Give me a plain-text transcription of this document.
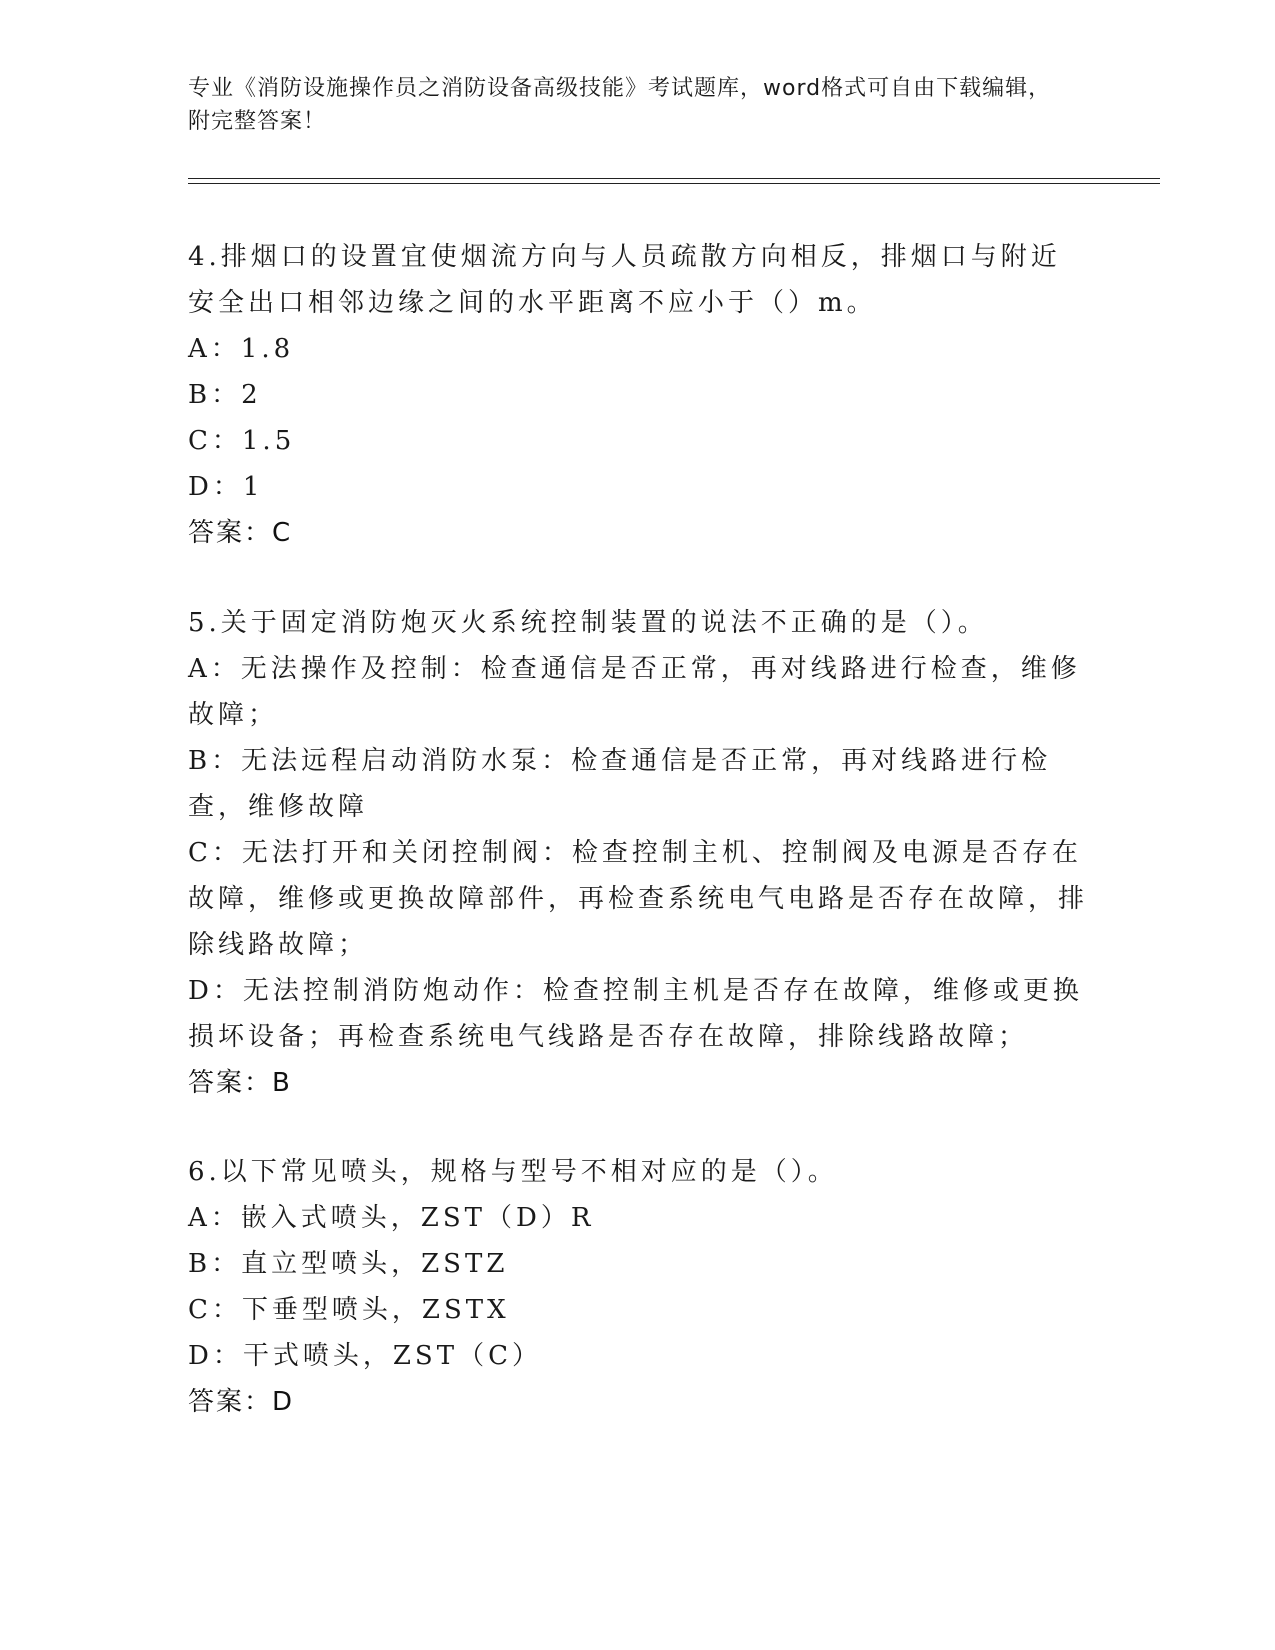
专业《消防设施操作员之消防设备高级技能》考试题库，word格式可自由下载编辑，附完整答案！

4.排烟口的设置宜使烟流方向与人员疏散方向相反，排烟口与附近安全出口相邻边缘之间的水平距离不应小于（）m。

A：1.8

B：2

C：1.5

D：1

答案：C

5.关于固定消防炮灭火系统控制装置的说法不正确的是（）。

A：无法操作及控制：检查通信是否正常，再对线路进行检查，维修故障；

B：无法远程启动消防水泵：检查通信是否正常，再对线路进行检查，维修故障

C：无法打开和关闭控制阀：检查控制主机、控制阀及电源是否存在故障，维修或更换故障部件，再检查系统电气电路是否存在故障，排除线路故障；

D：无法控制消防炮动作：检查控制主机是否存在故障，维修或更换损坏设备；再检查系统电气线路是否存在故障，排除线路故障；

答案：B

6.以下常见喷头，规格与型号不相对应的是（）。

A：嵌入式喷头，ZST（D）R

B：直立型喷头，ZSTZ

C：下垂型喷头，ZSTX

D：干式喷头，ZST（C）

答案：D
